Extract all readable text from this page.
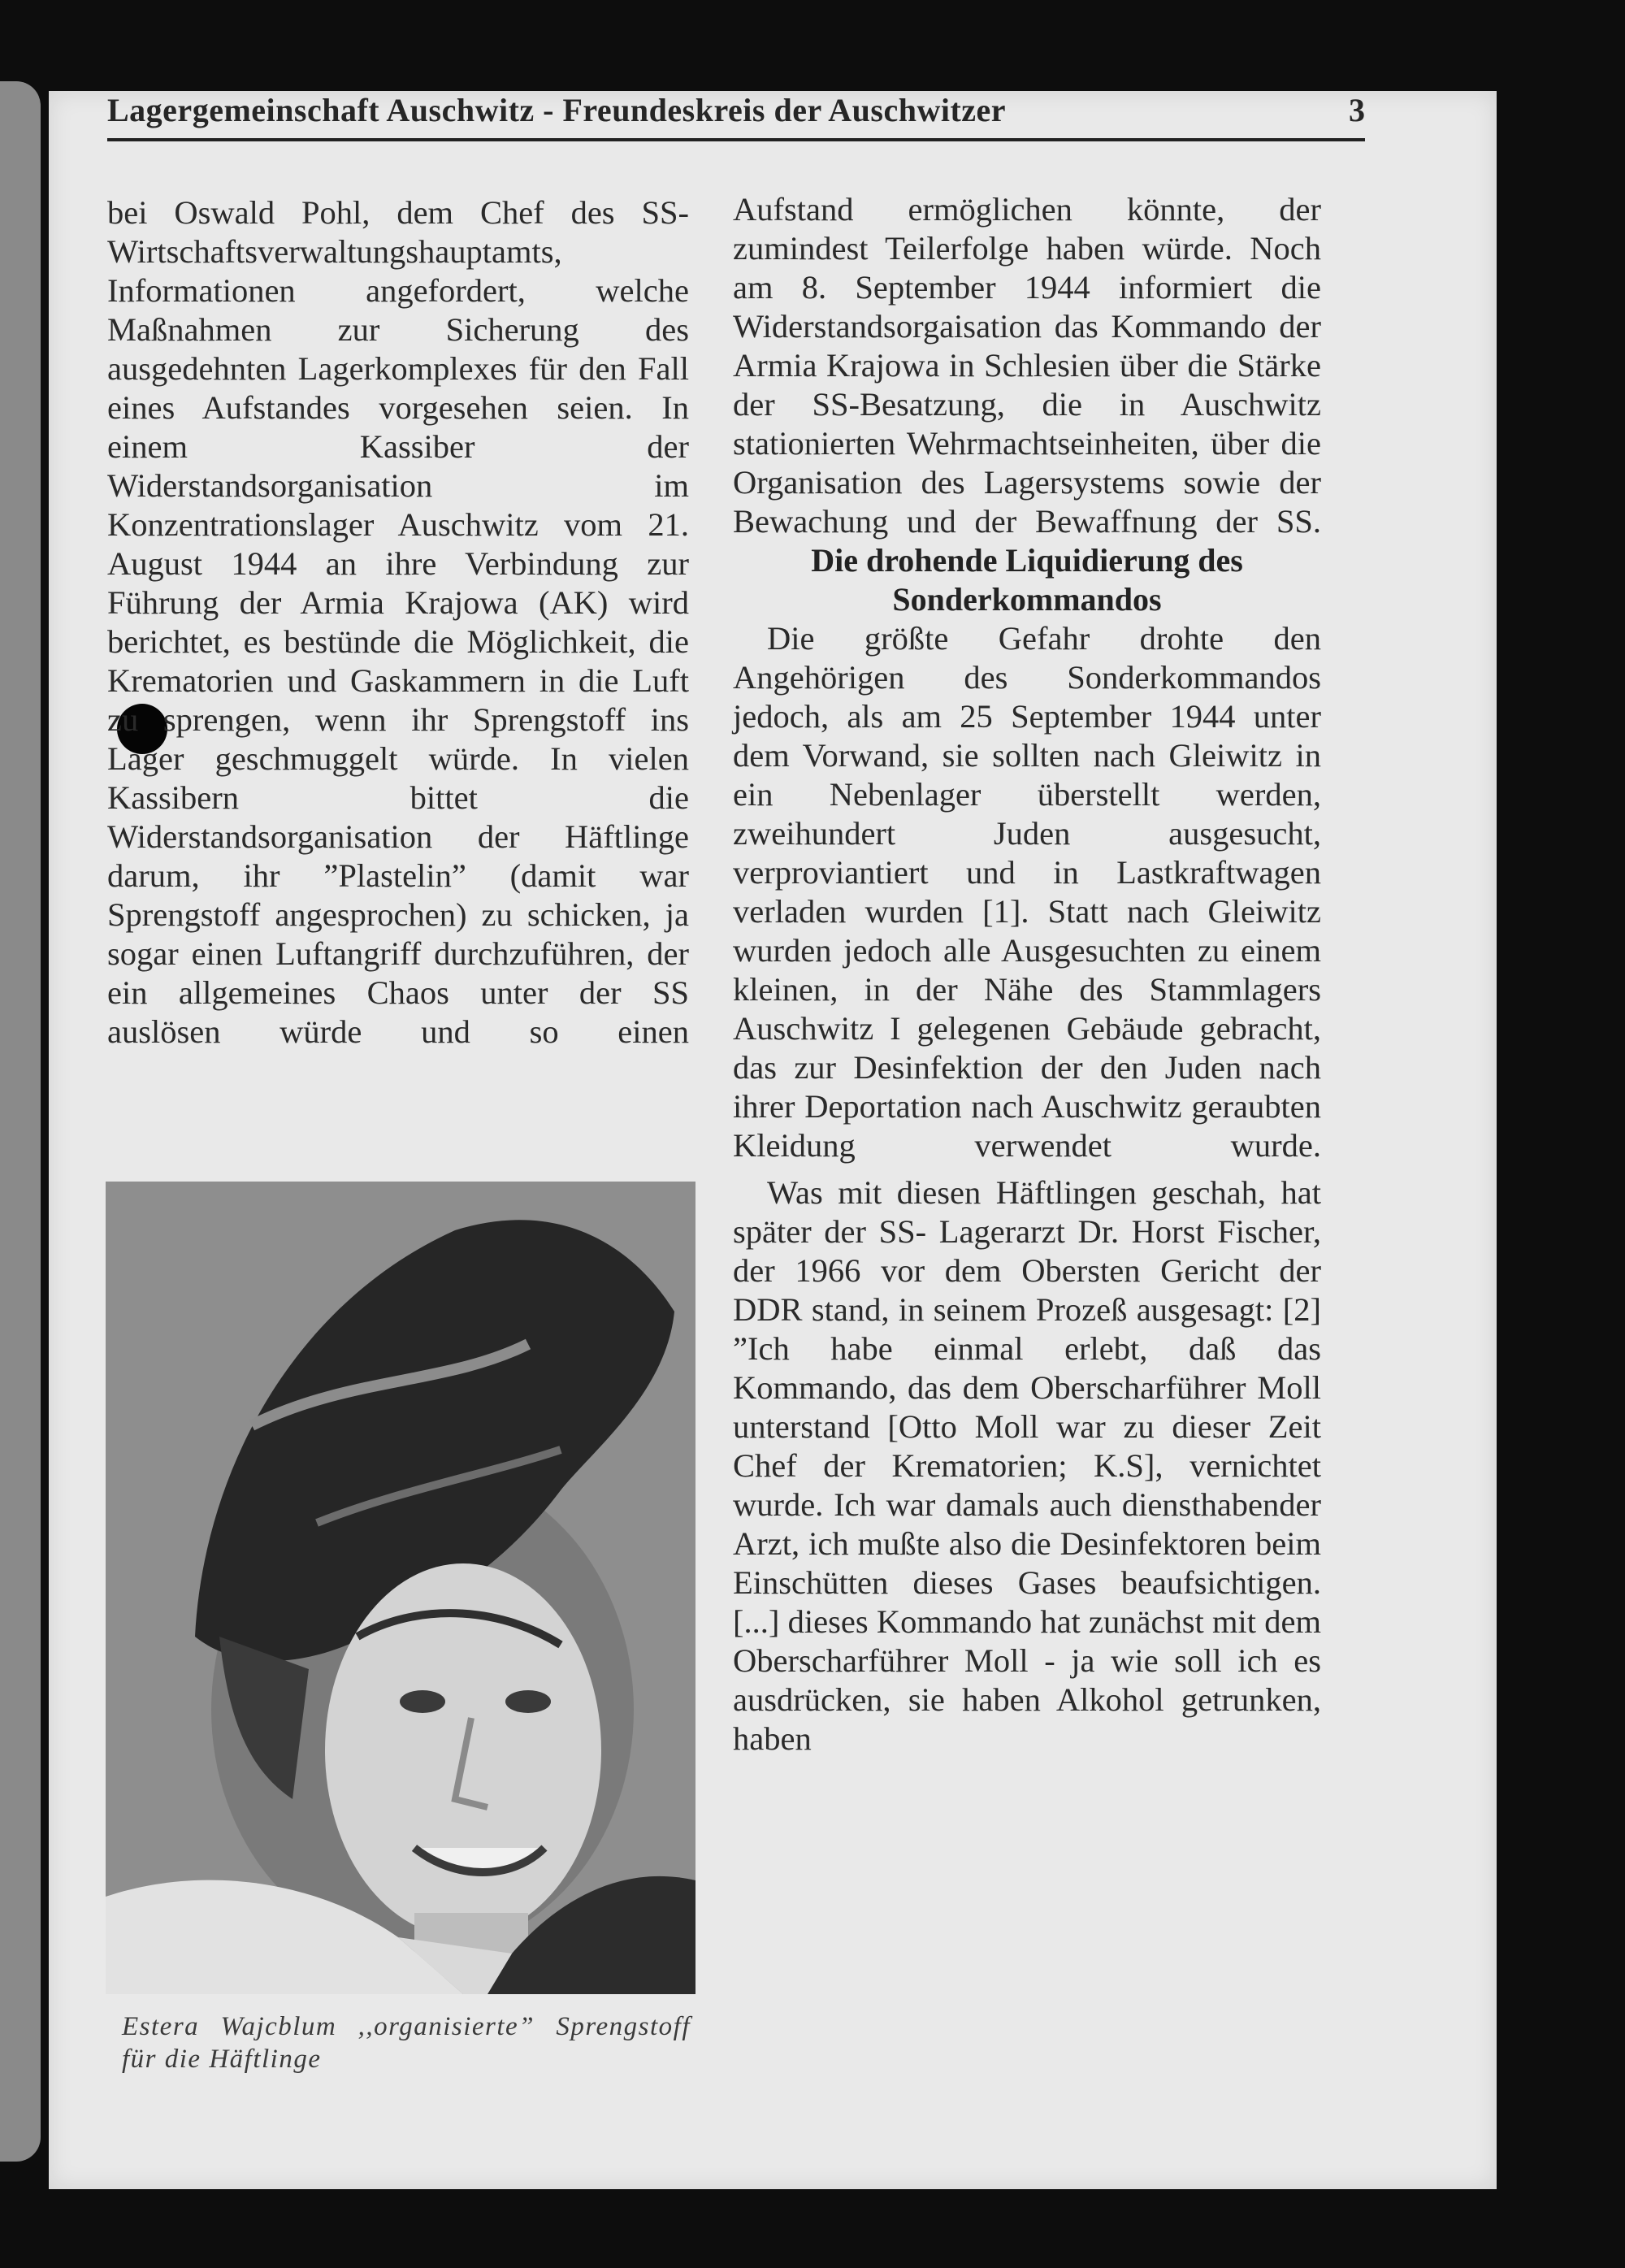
Lagergemeinschaft Auschwitz - Freundeskreis der Auschwitzer	3

bei Oswald Pohl, dem Chef des SS-Wirtschaftsverwaltungshauptamts, Informationen angefordert, welche Maßnahmen zur Sicherung des ausgedehnten Lagerkomplexes für den Fall eines Aufstandes vorgesehen seien. In einem Kassiber der Widerstandsorganisation im Konzentrationslager Auschwitz vom 21. August 1944 an ihre Verbindung zur Führung der Armia Krajowa (AK) wird berichtet, es bestünde die Möglichkeit, die Krematorien und Gaskammern in die Luft zu sprengen, wenn ihr Sprengstoff ins Lager geschmuggelt würde. In vielen Kassibern bittet die Widerstandsorganisation der Häftlinge darum, ihr ”Plastelin” (damit war Sprengstoff angesprochen) zu schicken, ja sogar einen Luftangriff durchzuführen, der ein allgemeines Chaos unter der SS auslösen würde und so einen

Estera Wajcblum ,,organisierte” Sprengstoff für die Häftlinge

Aufstand ermöglichen könnte, der zumindest Teilerfolge haben würde. Noch am 8. September 1944 informiert die Widerstandsorgaisation das Kommando der Armia Krajowa in Schlesien über die Stärke der SS-Besatzung, die in Auschwitz stationierten Wehrmachtseinheiten, über die Organisation des Lagersystems sowie der Bewachung und der Bewaffnung der SS.

Die drohende Liquidierung des Sonderkommandos

Die größte Gefahr drohte den Angehörigen des Sonderkommandos jedoch, als am 25 September 1944 unter dem Vorwand, sie sollten nach Gleiwitz in ein Nebenlager überstellt werden, zweihundert Juden ausgesucht, verproviantiert und in Lastkraftwagen verladen wurden [1]. Statt nach Gleiwitz wurden jedoch alle Ausgesuchten zu einem kleinen, in der Nähe des Stammlagers Auschwitz I gelegenen Gebäude gebracht, das zur Desinfektion der den Juden nach ihrer Deportation nach Auschwitz geraubten Kleidung verwendet wurde.

Was mit diesen Häftlingen geschah, hat später der SS- Lagerarzt Dr. Horst Fischer, der 1966 vor dem Obersten Gericht der DDR stand, in seinem Prozeß ausgesagt: [2] ”Ich habe einmal erlebt, daß das Kommando, das dem Oberscharführer Moll unterstand [Otto Moll war zu dieser Zeit Chef der Krematorien; K.S], vernichtet wurde. Ich war damals auch diensthabender Arzt, ich mußte also die Desinfektoren beim Einschütten dieses Gases beaufsichtigen. [...] dieses Kommando hat zunächst mit dem Oberscharführer Moll - ja wie soll ich es ausdrücken, sie haben Alkohol getrunken, haben
